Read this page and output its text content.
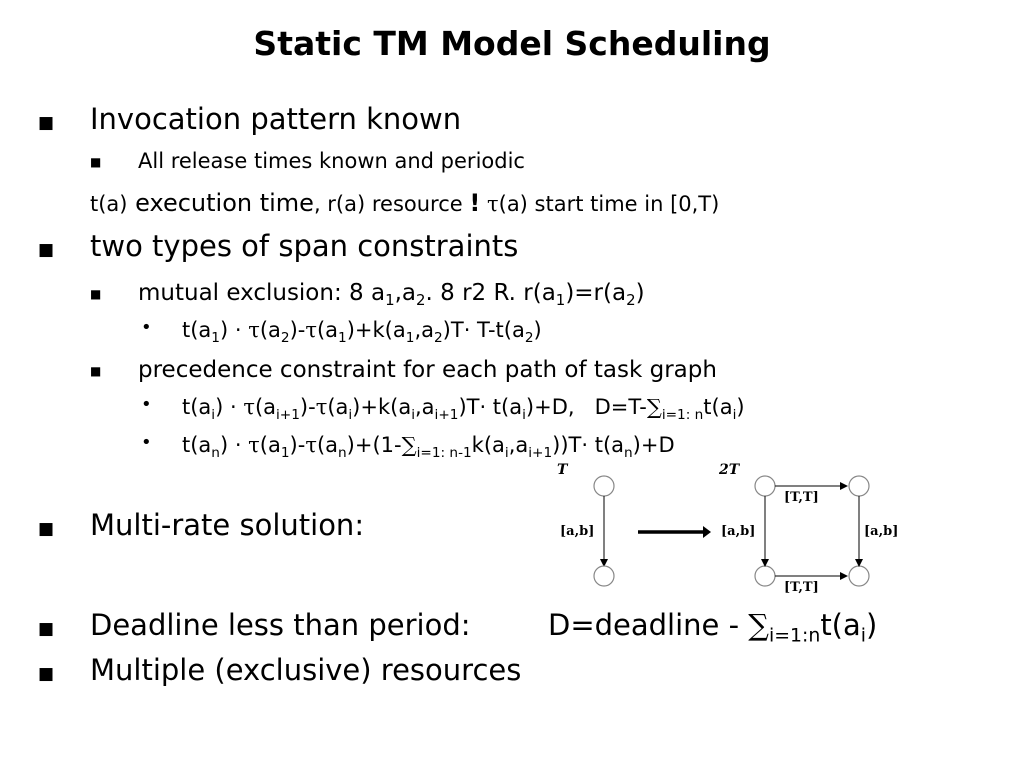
Static TM Model Scheduling
■ Invocation pattern known
■ All release times known and periodic
t(a) execution time, r(a) resource ! τ(a) start time in [0,T)
■ two types of span constraints
■ mutual exclusion: 8 $a_1,a_2$. 8 r2 R. $r(a_1)=r(a_2)$
• $t(a_1) \cdot \tau(a_2)-\tau(a_1)+k(a_1,a_2)T\cdot T-t(a_2)$
■ precedence constraint for each path of task graph
• $t(a_i) \cdot \tau(a_{i+1})-\tau(a_i)+k(a_i,a_{i+1})T\cdot t(a_i)+D$,   $D=T-\sum_{i=1: n}t(a_i)$
• $t(a_n) \cdot \tau(a_1)-\tau(a_n)+(1-\sum_{i=1: n-1}k(a_i,a_{i+1}))T\cdot t(a_n)+D$
■ Multi-rate solution:
T
[a,b]
2T
[T,T]
[T,T]
[a,b]	[a,b]
■ Deadline less than period:	D=deadline - $\sum_{i=1:n}t(a_i)$
■ Multiple (exclusive) resources
